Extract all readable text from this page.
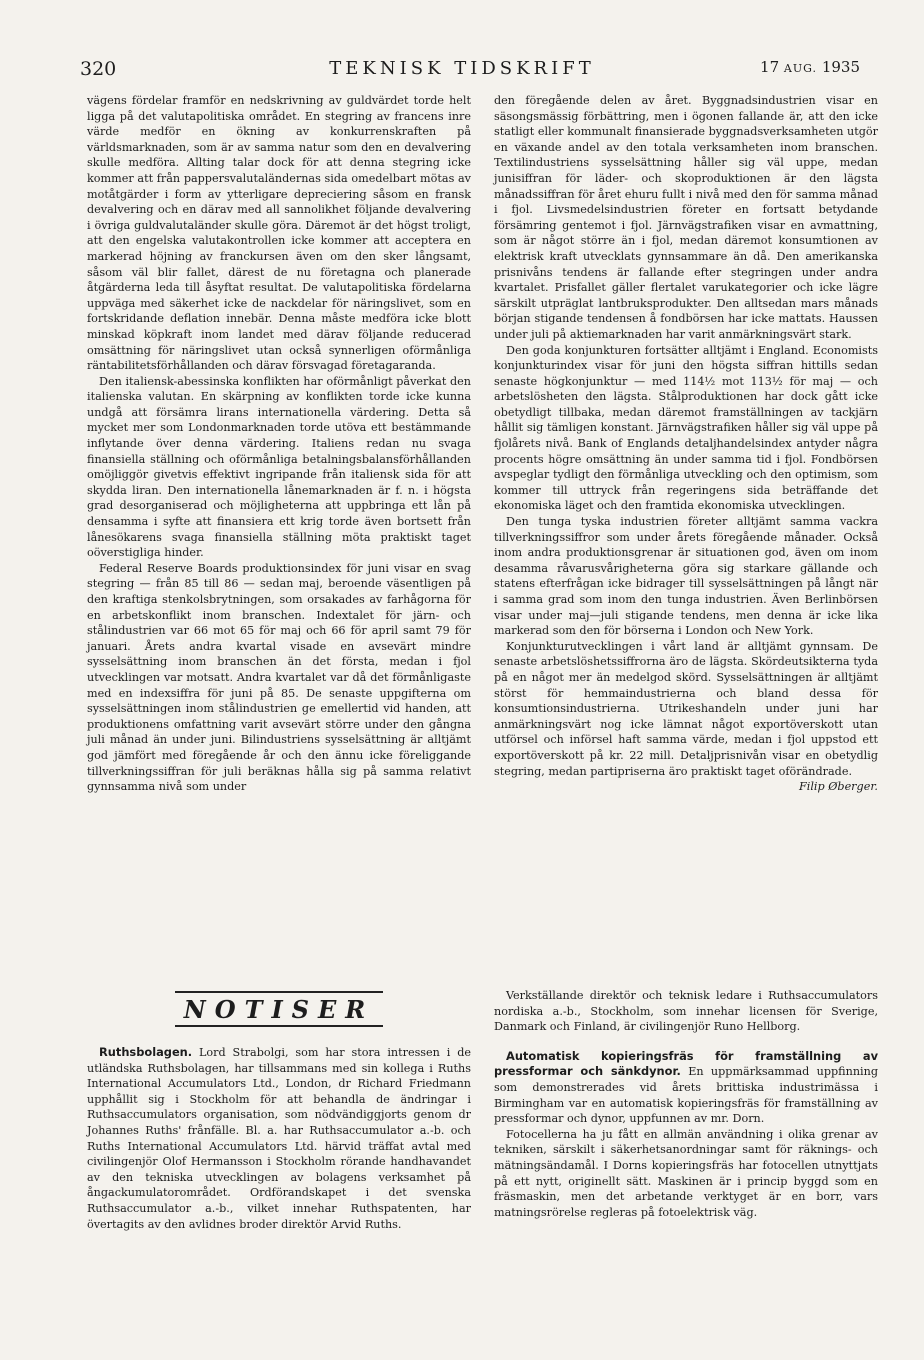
320	TEKNISK TIDSKRIFT	17 AUG. 1935

vägens fördelar framför en nedskrivning av guldvärdet torde helt ligga på det valutapolitiska området. En stegring av francens inre värde medför en ökning av konkurrenskraften på världsmarknaden, som är av samma natur som den en devalvering skulle medföra. Allting talar dock för att denna stegring icke kommer att från pappersvalutaländernas sida omedelbart mötas av motåtgärder i form av ytterligare depreciering såsom en fransk devalvering och en därav med all sannolikhet följande devalvering i övriga guldvalutaländer skulle göra. Däremot är det högst troligt, att den engelska valutakontrollen icke kommer att acceptera en markerad höjning av franckursen även om den sker långsamt, såsom väl blir fallet, därest de nu företagna och planerade åtgärderna leda till åsyftat resultat. De valutapolitiska fördelarna uppväga med säkerhet icke de nackdelar för näringslivet, som en fortskridande deflation innebär. Denna måste medföra icke blott minskad köpkraft inom landet med därav följande reducerad omsättning för näringslivet utan också synnerligen oförmånliga räntabilitetsförhållanden och därav försvagad företagaranda.

Den italiensk-abessinska konflikten har oförmånligt påverkat den italienska valutan. En skärpning av konflikten torde icke kunna undgå att försämra lirans internationella värdering. Detta så mycket mer som Londonmarknaden torde utöva ett bestämmande inflytande över denna värdering. Italiens redan nu svaga finansiella ställning och oförmånliga betalningsbalansförhållanden omöjliggör givetvis effektivt ingripande från italiensk sida för att skydda liran. Den internationella lånemarknaden är f. n. i högsta grad desorganiserad och möjligheterna att uppbringa ett lån på densamma i syfte att finansiera ett krig torde även bortsett från lånesökarens svaga finansiella ställning möta praktiskt taget oöverstigliga hinder.

Federal Reserve Boards produktionsindex för juni visar en svag stegring — från 85 till 86 — sedan maj, beroende väsentligen på den kraftiga stenkolsbrytningen, som orsakades av farhågorna för en arbetskonflikt inom branschen. Indextalet för järn- och stålindustrien var 66 mot 65 för maj och 66 för april samt 79 för januari. Årets andra kvartal visade en avsevärt mindre sysselsättning inom branschen än det första, medan i fjol utvecklingen var motsatt. Andra kvartalet var då det förmånligaste med en indexsiffra för juni på 85. De senaste uppgifterna om sysselsättningen inom stålindustrien ge emellertid vid handen, att produktionens omfattning varit avsevärt större under den gångna juli månad än under juni. Bilindustriens sysselsättning är alltjämt god jämfört med föregående år och den ännu icke föreliggande tillverkningssiffran för juli beräknas hålla sig på samma relativt gynnsamma nivå som under

den föregående delen av året. Byggnadsindustrien visar en säsongsmässig förbättring, men i ögonen fallande är, att den icke statligt eller kommunalt finansierade byggnadsverksamheten utgör en växande andel av den totala verksamheten inom branschen. Textilindustriens sysselsättning håller sig väl uppe, medan junisiffran för läder- och skoproduktionen är den lägsta månadssiffran för året ehuru fullt i nivå med den för samma månad i fjol. Livsmedelsindustrien företer en fortsatt betydande försämring gentemot i fjol. Järnvägstrafiken visar en avmattning, som är något större än i fjol, medan däremot konsumtionen av elektrisk kraft utvecklats gynnsammare än då. Den amerikanska prisnivåns tendens är fallande efter stegringen under andra kvartalet. Prisfallet gäller flertalet varukategorier och icke lägre särskilt utpräglat lantbruksprodukter. Den alltsedan mars månads början stigande tendensen å fondbörsen har icke mattats. Haussen under juli på aktiemarknaden har varit anmärkningsvärt stark.

Den goda konjunkturen fortsätter alltjämt i England. Economists konjunkturindex visar för juni den högsta siffran hittills sedan senaste högkonjunktur — med 114½ mot 113½ för maj — och arbetslösheten den lägsta. Stålproduktionen har dock gått icke obetydligt tillbaka, medan däremot framställningen av tackjärn hållit sig tämligen konstant. Järnvägstrafiken håller sig väl uppe på fjolårets nivå. Bank of Englands detaljhandelsindex antyder några procents högre omsättning än under samma tid i fjol. Fondbörsen avspeglar tydligt den förmånliga utveckling och den optimism, som kommer till uttryck från regeringens sida beträffande det ekonomiska läget och den framtida ekonomiska utvecklingen.

Den tunga tyska industrien företer alltjämt samma vackra tillverkningssiffror som under årets föregående månader. Också inom andra produktionsgrenar är situationen god, även om inom desamma råvarusvårigheterna göra sig starkare gällande och statens efterfrågan icke bidrager till sysselsättningen på långt när i samma grad som inom den tunga industrien. Även Berlinbörsen visar under maj—juli stigande tendens, men denna är icke lika markerad som den för börserna i London och New York.

Konjunkturutvecklingen i vårt land är alltjämt gynnsam. De senaste arbetslöshetssiffrorna äro de lägsta. Skördeutsikterna tyda på en något mer än medelgod skörd. Sysselsättningen är alltjämt störst för hemmaindustrierna och bland dessa för konsumtionsindustrierna. Utrikeshandeln under juni har anmärkningsvärt nog icke lämnat något exportöverskott utan utförsel och införsel haft samma värde, medan i fjol uppstod ett exportöverskott på kr. 22 mill. Detaljprisnivån visar en obetydlig stegring, medan partipriserna äro praktiskt taget oförändrade.
Filip Øberger.

NOTISER

Ruthsbolagen. Lord Strabolgi, som har stora intressen i de utländska Ruthsbolagen, har tillsammans med sin kollega i Ruths International Accumulators Ltd., London, dr Richard Friedmann upphållit sig i Stockholm för att behandla de ändringar i Ruthsaccumulators organisation, som nödvändiggjorts genom dr Johannes Ruths' frånfälle. Bl. a. har Ruthsaccumulator a.-b. och Ruths International Accumulators Ltd. härvid träffat avtal med civilingenjör Olof Hermansson i Stockholm rörande handhavandet av den tekniska utvecklingen av bolagens verksamhet på ångackumulatorområdet. Ordförandskapet i det svenska Ruthsaccumulator a.-b., vilket innehar Ruthspatenten, har övertagits av den avlidnes broder direktör Arvid Ruths.

Verkställande direktör och teknisk ledare i Ruthsaccumulators nordiska a.-b., Stockholm, som innehar licensen för Sverige, Danmark och Finland, är civilingenjör Runo Hellborg.

Automatisk kopieringsfräs för framställning av pressformar och sänkdynor. En uppmärksammad uppfinning som demonstrerades vid årets brittiska industrimässa i Birmingham var en automatisk kopieringsfräs för framställning av pressformar och dynor, uppfunnen av mr. Dorn.

Fotocellerna ha ju fått en allmän användning i olika grenar av tekniken, särskilt i säkerhetsanordningar samt för räknings- och mätningsändamål. I Dorns kopieringsfräs har fotocellen utnyttjats på ett nytt, originellt sätt. Maskinen är i princip byggd som en fräsmaskin, men det arbetande verktyget är en borr, vars matningsrörelse regleras på fotoelektrisk väg.
